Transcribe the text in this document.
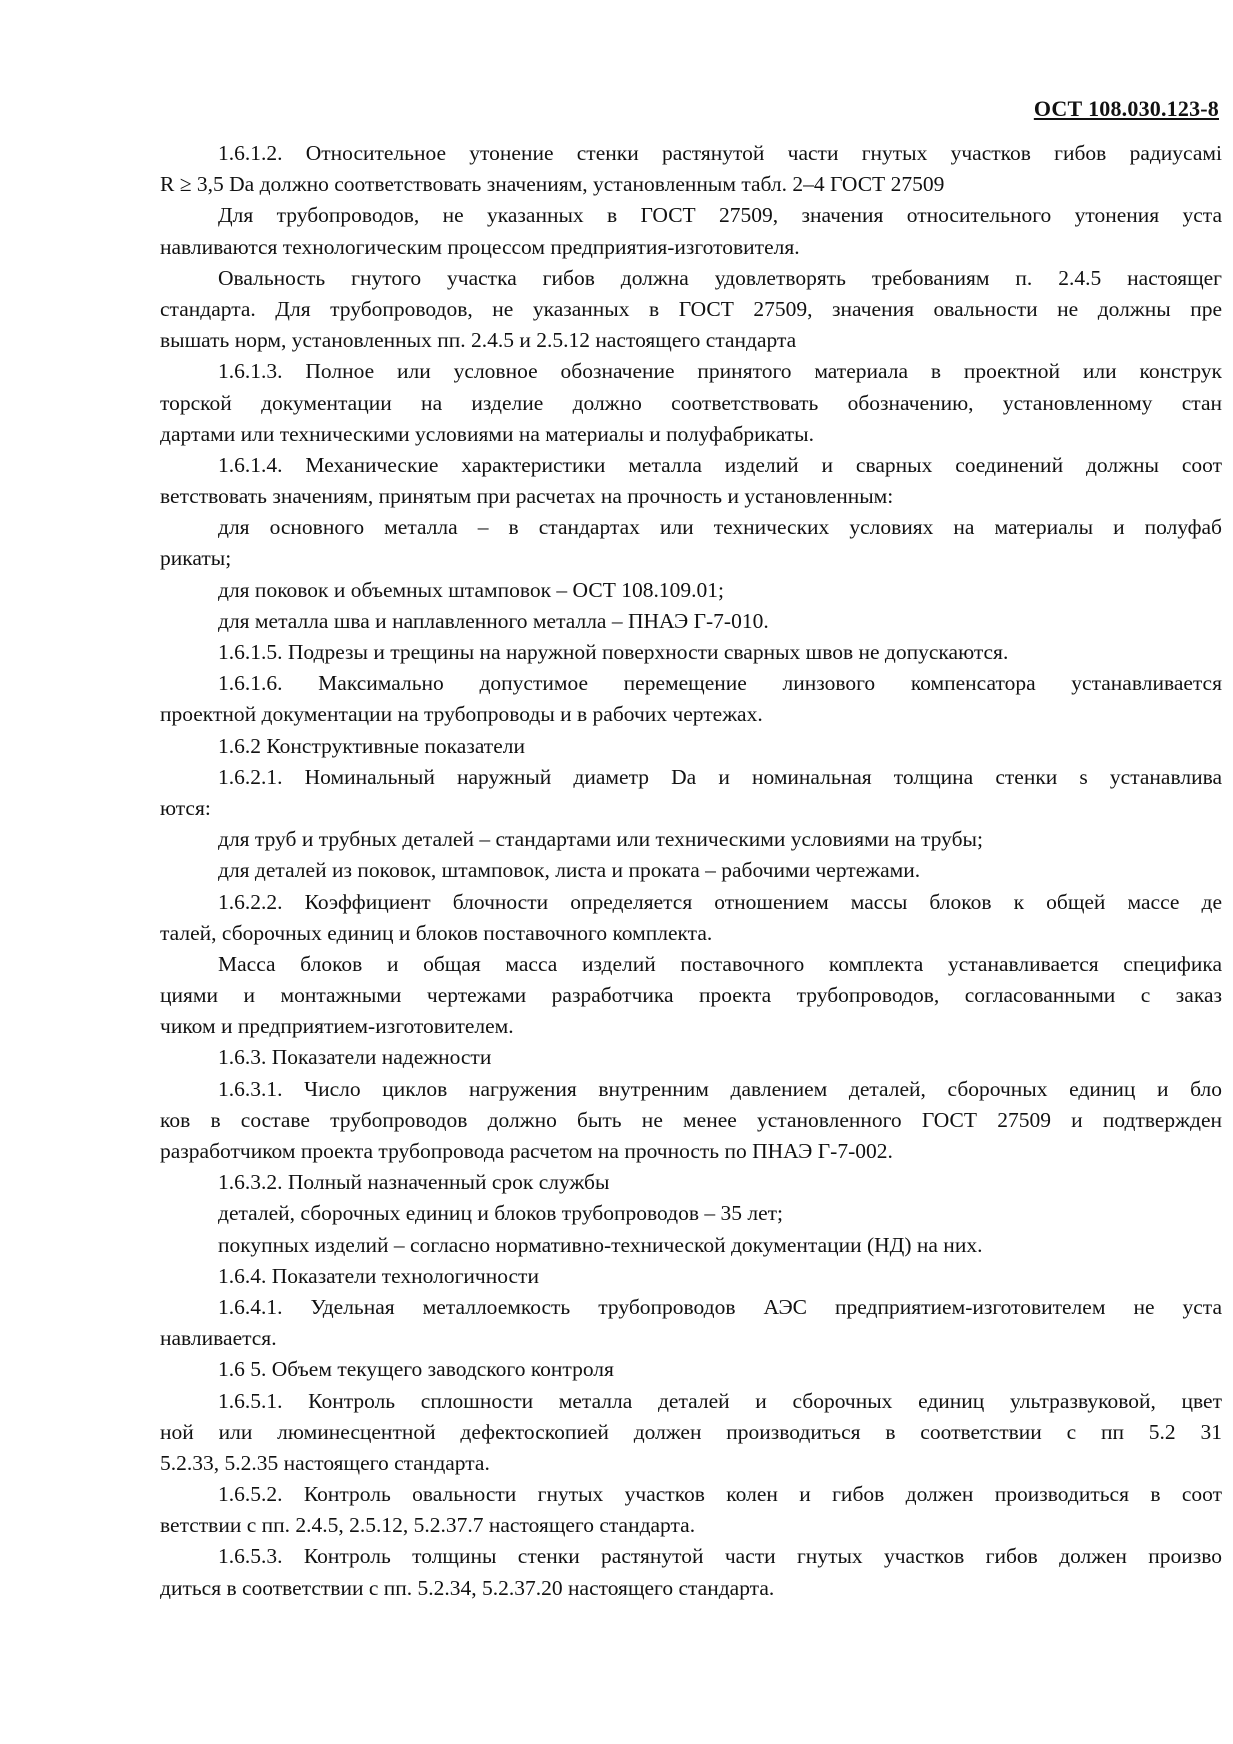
ОСТ 108.030.123-8
1.6.1.2. Относительное утонение стенки растянутой части гнутых участков гибов радиусамі
R ≥ 3,5 Dа должно соответствовать значениям, установленным табл. 2–4 ГОСТ 27509
Для трубопроводов, не указанных в ГОСТ 27509, значения относительного утонения уста
навливаются технологическим процессом предприятия-изготовителя.
Овальность гнутого участка гибов должна удовлетворять требованиям п. 2.4.5 настоящег
стандарта. Для трубопроводов, не указанных в ГОСТ 27509, значения овальности не должны пре
вышать норм, установленных пп. 2.4.5 и 2.5.12 настоящего стандарта
1.6.1.3. Полное или условное обозначение принятого материала в проектной или конструк
торской документации на изделие должно соответствовать обозначению, установленному стан
дартами или техническими условиями на материалы и полуфабрикаты.
1.6.1.4. Механические характеристики металла изделий и сварных соединений должны соот
ветствовать значениям, принятым при расчетах на прочность и установленным:
для основного металла – в стандартах или технических условиях на материалы и полуфаб
рикаты;
для поковок и объемных штамповок – ОСТ 108.109.01;
для металла шва и наплавленного металла – ПНАЭ Г-7-010.
1.6.1.5. Подрезы и трещины на наружной поверхности сварных швов не допускаются.
1.6.1.6. Максимально допустимое перемещение линзового компенсатора устанавливается
проектной документации на трубопроводы и в рабочих чертежах.
1.6.2 Конструктивные показатели
1.6.2.1. Номинальный наружный диаметр Dа и номинальная толщина стенки s устанавлива
ются:
для труб и трубных деталей – стандартами или техническими условиями на трубы;
для деталей из поковок, штамповок, листа и проката – рабочими чертежами.
1.6.2.2. Коэффициент блочности определяется отношением массы блоков к общей массе де
талей, сборочных единиц и блоков поставочного комплекта.
Масса блоков и общая масса изделий поставочного комплекта устанавливается специфика
циями и монтажными чертежами разработчика проекта трубопроводов, согласованными с заказ
чиком и предприятием-изготовителем.
1.6.3. Показатели надежности
1.6.3.1. Число циклов нагружения внутренним давлением деталей, сборочных единиц и бло
ков в составе трубопроводов должно быть не менее установленного ГОСТ 27509 и подтвержден
разработчиком проекта трубопровода расчетом на прочность по ПНАЭ Г-7-002.
1.6.3.2. Полный назначенный срок службы
деталей, сборочных единиц и блоков трубопроводов – 35 лет;
покупных изделий – согласно нормативно-технической документации (НД) на них.
1.6.4. Показатели технологичности
1.6.4.1. Удельная металлоемкость трубопроводов АЭС предприятием-изготовителем не уста
навливается.
1.6 5. Объем текущего заводского контроля
1.6.5.1. Контроль сплошности металла деталей и сборочных единиц ультразвуковой, цвет
ной или люминесцентной дефектоскопией должен производиться в соответствии с пп 5.2 31
5.2.33, 5.2.35 настоящего стандарта.
1.6.5.2. Контроль овальности гнутых участков колен и гибов должен производиться в соот
ветствии с пп. 2.4.5, 2.5.12, 5.2.37.7 настоящего стандарта.
1.6.5.3. Контроль толщины стенки растянутой части гнутых участков гибов должен произво
диться в соответствии с пп. 5.2.34, 5.2.37.20 настоящего стандарта.
